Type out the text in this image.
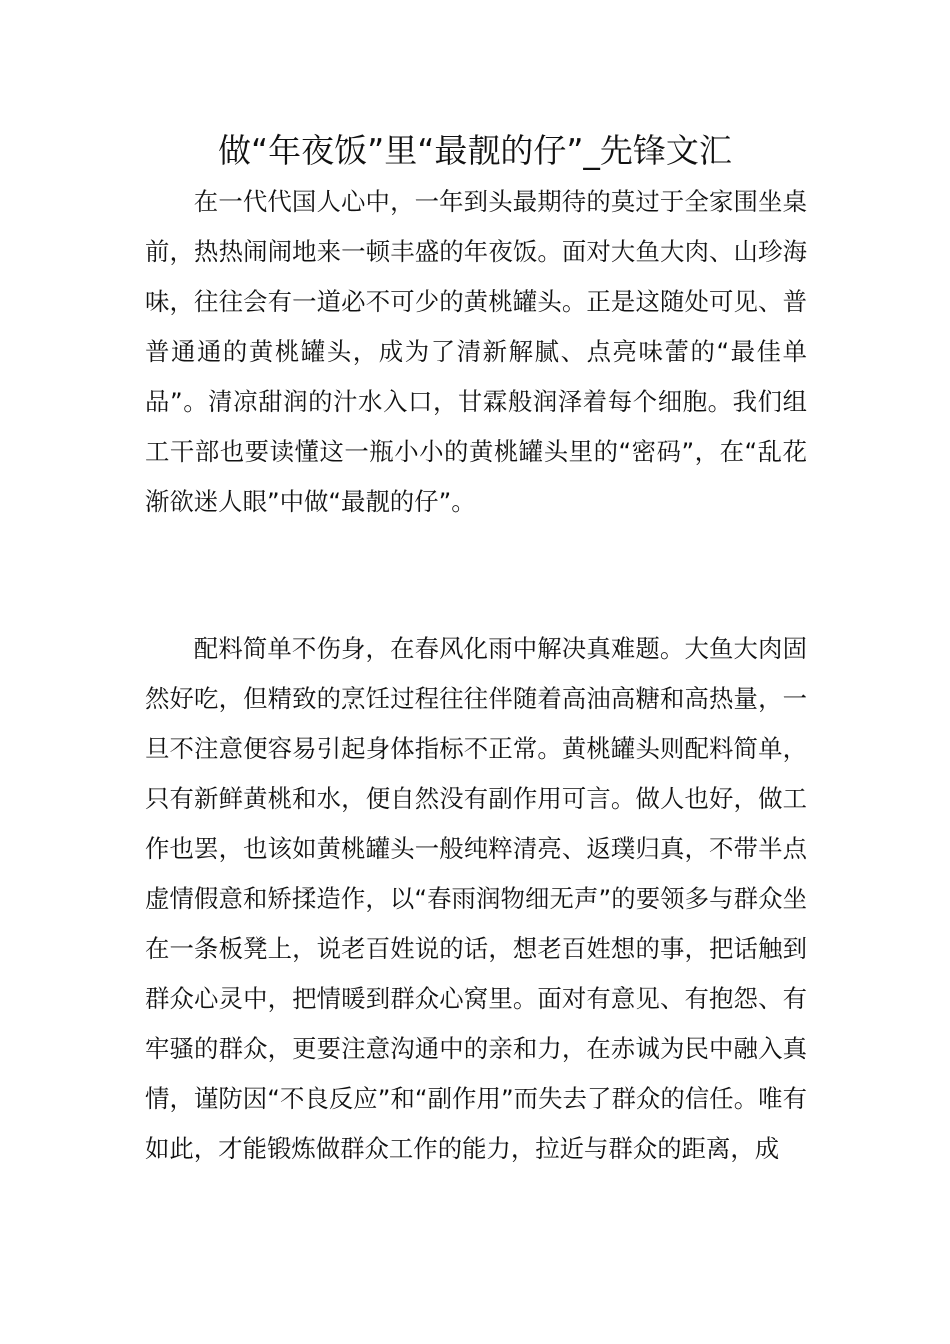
做“年夜饭”里“最靓的仔”_先锋文汇

在一代代国人心中，一年到头最期待的莫过于全家围坐桌前，热热闹闹地来一顿丰盛的年夜饭。面对大鱼大肉、山珍海味，往往会有一道必不可少的黄桃罐头。正是这随处可见、普普通通的黄桃罐头，成为了清新解腻、点亮味蕾的“最佳单品”。清凉甜润的汁水入口，甘霖般润泽着每个细胞。我们组工干部也要读懂这一瓶小小的黄桃罐头里的“密码”，在“乱花渐欲迷人眼”中做“最靓的仔”。

配料简单不伤身，在春风化雨中解决真难题。大鱼大肉固然好吃，但精致的烹饪过程往往伴随着高油高糖和高热量，一旦不注意便容易引起身体指标不正常。黄桃罐头则配料简单，只有新鲜黄桃和水，便自然没有副作用可言。做人也好，做工作也罢，也该如黄桃罐头一般纯粹清亮、返璞归真，不带半点虚情假意和矫揉造作，以“春雨润物细无声”的要领多与群众坐在一条板凳上，说老百姓说的话，想老百姓想的事，把话触到群众心灵中，把情暖到群众心窝里。面对有意见、有抱怨、有牢骚的群众，更要注意沟通中的亲和力，在赤诚为民中融入真情，谨防因“不良反应”和“副作用”而失去了群众的信任。唯有如此，才能锻炼做群众工作的能力，拉近与群众的距离，成
